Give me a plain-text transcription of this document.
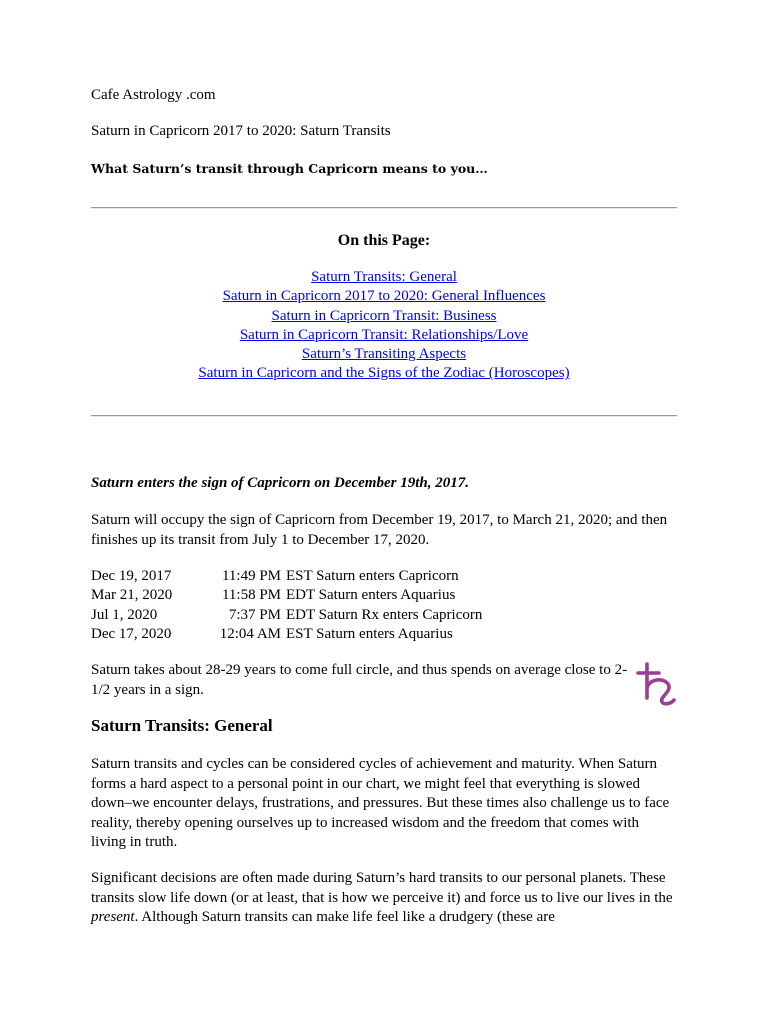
Cafe Astrology .com

Saturn in Capricorn 2017 to 2020: Saturn Transits

What Saturn’s transit through Capricorn means to you…

On this Page:

Saturn Transits: General
Saturn in Capricorn 2017 to 2020: General Influences
Saturn in Capricorn Transit: Business
Saturn in Capricorn Transit: Relationships/Love
Saturn’s Transiting Aspects
Saturn in Capricorn and the Signs of the Zodiac (Horoscopes)

Saturn enters the sign of Capricorn on December 19th, 2017.

Saturn will occupy the sign of Capricorn from December 19, 2017, to March 21, 2020; and then finishes up its transit from July 1 to December 17, 2020.

Dec 19, 2017	11:49 PM EST Saturn enters Capricorn
Mar 21, 2020	11:58 PM EDT Saturn enters Aquarius
Jul 1, 2020	7:37 PM EDT Saturn Rx enters Capricorn
Dec 17, 2020	12:04 AM EST Saturn enters Aquarius

Saturn takes about 28-29 years to come full circle, and thus spends on average close to 2-1/2 years in a sign.

Saturn Transits: General

Saturn transits and cycles can be considered cycles of achievement and maturity. When Saturn forms a hard aspect to a personal point in our chart, we might feel that everything is slowed down–we encounter delays, frustrations, and pressures. But these times also challenge us to face reality, thereby opening ourselves up to increased wisdom and the freedom that comes with living in truth.

Significant decisions are often made during Saturn’s hard transits to our personal planets. These transits slow life down (or at least, that is how we perceive it) and force us to live our lives in the present. Although Saturn transits can make life feel like a drudgery (these are
